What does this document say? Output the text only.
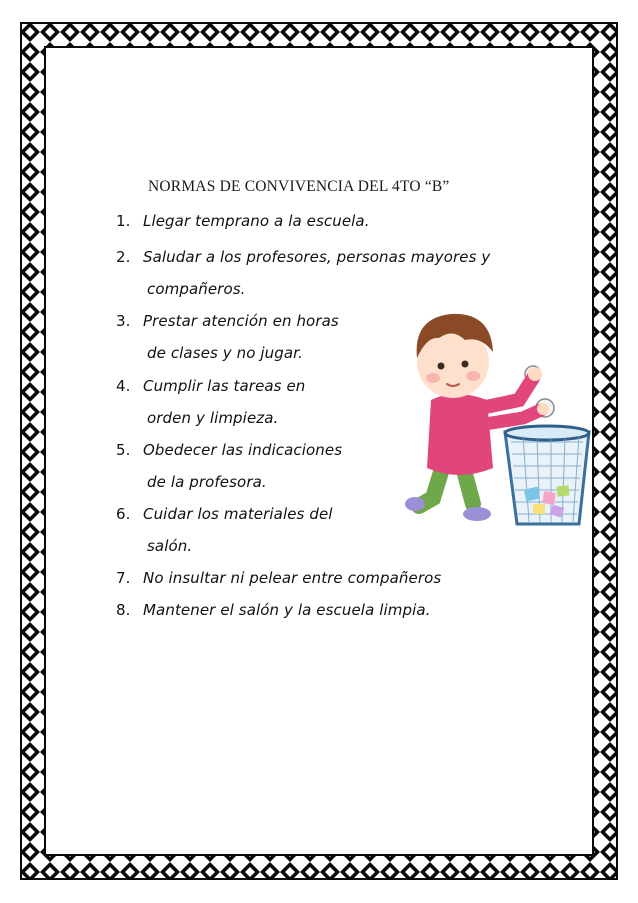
NORMAS DE CONVIVENCIA DEL 4TO “B”
1. Llegar temprano a la escuela.
2. Saludar a los profesores, personas mayores y
compañeros.
3. Prestar atención en horas
de clases y no jugar.
4. Cumplir las tareas en
orden y limpieza.
5. Obedecer las indicaciones
de la profesora.
6. Cuidar los materiales del
salón.
7. No insultar ni pelear entre compañeros
8. Mantener el salón y la escuela limpia.
